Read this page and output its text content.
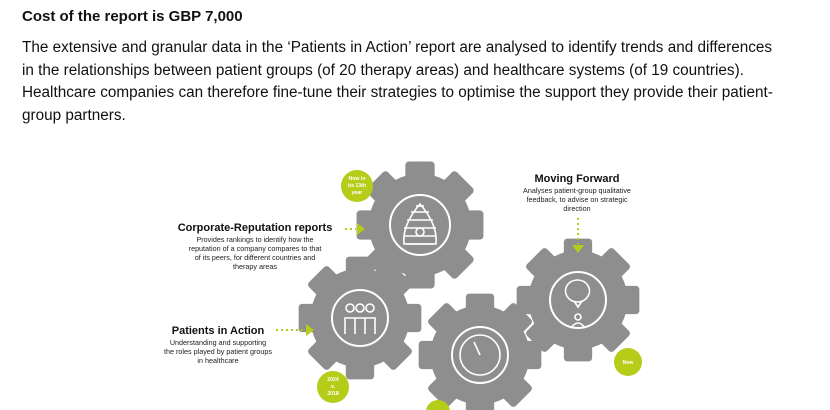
Cost of the report is GBP 7,000

The extensive and granular data in the ‘Patients in Action’ report are analysed to identify trends and differences

in the relationships between patient groups (of 20 therapy areas) and healthcare systems (of 19 countries).

Healthcare companies can therefore fine-tune their strategies to optimise the support they provide their patient-

group partners.

Now in
its 13th
year
2024
v.
2018
New
Corporate-Reputation reports
Provides rankings to identify how the
reputation of a company compares to that
of its peers, for different countries and
therapy areas
Moving Forward
Analyses patient-group qualitative
feedback, to advise on strategic
direction
Patients in Action
Understanding and supporting
the roles played by patient groups
in healthcare
